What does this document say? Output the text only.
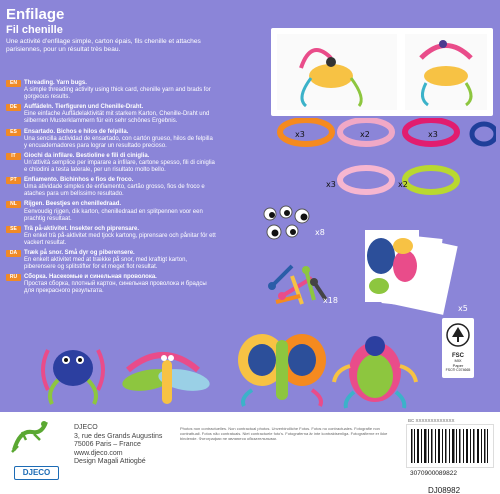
Enfilage
Fil chenille
Une activité d'enfilage simple, carton épais, fils chenille et attaches parisiennes, pour un résultat très beau.
EN	Threading. Yarn bugs.
A simple threading activity using thick card, chenille yarn and brads for gorgeous results.
DE	Auffädeln. Tierfiguren und Chenille-Draht.
Eine einfache Auffädelaktivität mit starkem Karton, Chenille-Draht und silbernen Musterklammern für ein sehr schönes Ergebnis.
ES	Ensartado. Bichos e hilos de felpilla.
Una sencilla actividad de ensartado, con cartón grueso, hilos de felpilla y encuadernadores para lograr un resultado precioso.
IT	Giochi da infilare. Bestioline e fili di ciniglia.
Un'attività semplice per imparare a infilare, cartone spesso, fili di ciniglia e chiodini a testa laterale, per un risultato molto bello.
PT	Enfiamento. Bichinhos e fios de froco.
Uma atividade simples de enfiamento, cartão grosso, fios de froco e ataches para um belíssimo resultado.
NL	Rijgen. Beestjes en chenilledraad.
Eenvoudig rijgen, dik karton, chenilledraad en splitpennen voor een prachtig resultaat.
SE	Trä på-aktivitet. Insekter och piprensare.
En enkel trä på-aktivitet med tjock kartong, piprensare och pånitar för ett vackert resultat.
DA	Træk på snor. Små dyr og piberensere.
En enkelt aktivitet med at trække på snor, med kraftigt karton, piberensere og splitstifter for et meget flot resultat.
RU	Сборка. Насекомые и синельная проволока.
Простая сборка, плотный картон, синельная проволока и брадсы для прекрасного результата.
x3	x2	x3
x3	x2
x8
x18
x5
FSC
MIX
Paper
FSC® C074665
DJECO
DJECO
3, rue des Grands Augustins
75006 Paris – France
www.djeco.com
Design Magali Attiogbé
Photos non contractuelles. Non contractual photos. Unverbindliche Fotos. Fotos no contractuales. Fotografie non contrattuali. Fotos não contratuais. Niet contractuele foto's. Fotograferna är inte kontraktsenliga. Fotografierne er ikke bindende. Фотографии не являются обязательными.
BC XXXXXXXXXXXXX
3070900089822
DJ08982
